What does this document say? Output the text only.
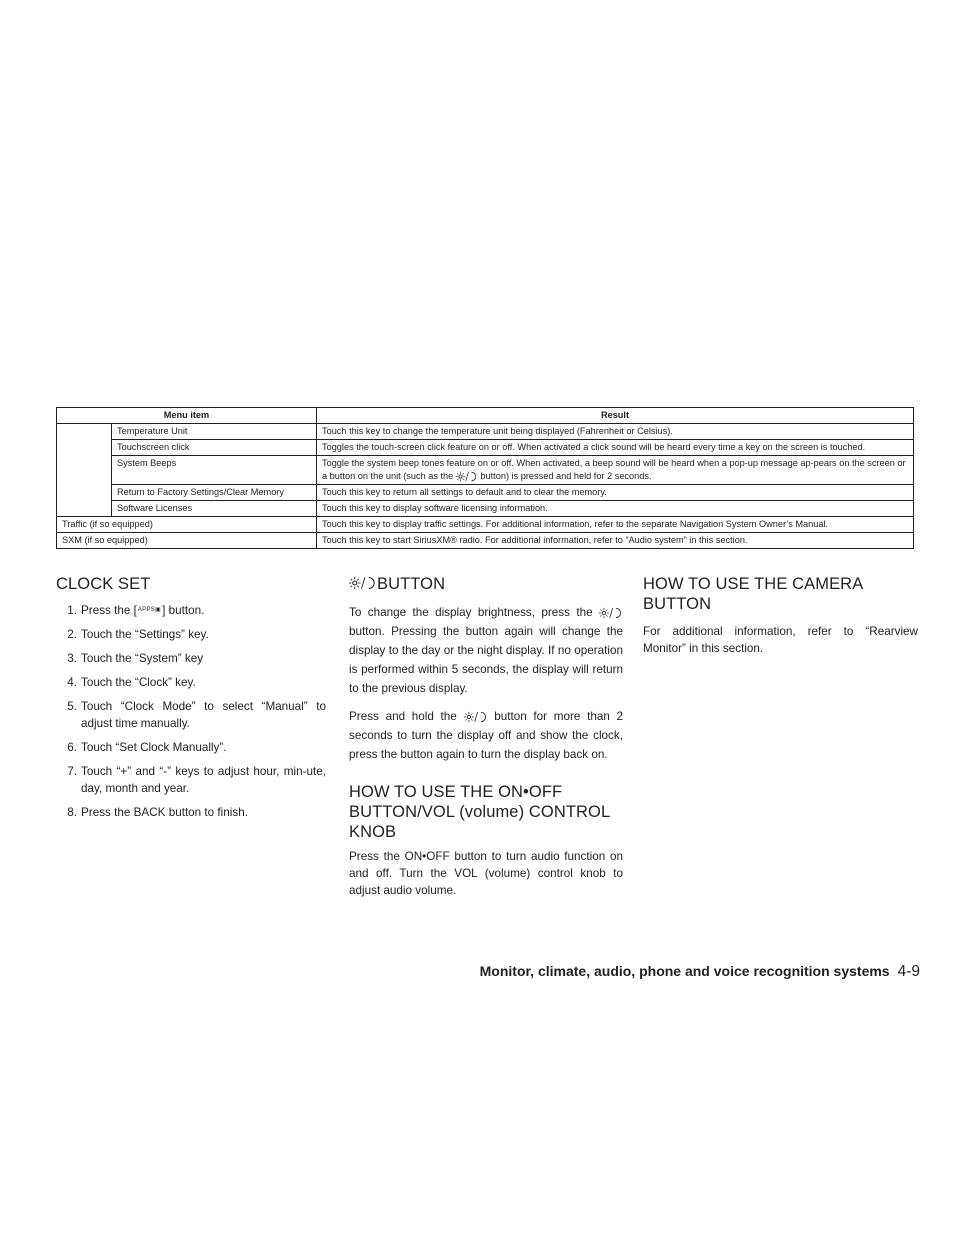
Menu item		Result
	Temperature Unit	Touch this key to change the temperature unit being displayed (Fahrenheit or Celsius).
	Touchscreen click	Toggles the touch-screen click feature on or off. When activated a click sound will be heard every time a key on the screen is touched.
	System Beeps	Toggle the system beep tones feature on or off. When activated, a beep sound will be heard when a pop-up message ap-pears on the screen or a button on the unit (such as the button) is pressed and held for 2 seconds.
	Return to Factory Settings/Clear Memory	Touch this key to return all settings to default and to clear the memory.
	Software Licenses	Touch this key to display software licensing information.
Traffic (if so equipped)		Touch this key to display traffic settings. For additional information, refer to the separate Navigation System Owner’s Manual.
SXM (if so equipped)		Touch this key to start SiriusXM® radio. For additional information, refer to “Audio system” in this section.
CLOCK SET
1. Press the [APPS▣] button.
2. Touch the “Settings” key.
3. Touch the “System” key
4. Touch the “Clock” key.
5. Touch “Clock Mode” to select “Manual” to adjust time manually.
6. Touch “Set Clock Manually”.
7. Touch “+” and “-” keys to adjust hour, min-ute, day, month and year.
8. Press the BACK button to finish.
BUTTON

To change the display brightness, press the  button. Pressing the button again will change the display to the day or the night display. If no operation is performed within 5 seconds, the display will return to the previous display.

Press and hold the	button for more than 2 seconds to turn the display off and show the clock, press the button again to turn the display back on.

HOW TO USE THE ON•OFF BUTTON/VOL (volume) CONTROL KNOB

Press the ON•OFF button to turn audio function on and off. Turn the VOL (volume) control knob to adjust audio volume.

HOW TO USE THE CAMERA BUTTON

For additional information, refer to “Rearview Monitor” in this section.

Monitor, climate, audio, phone and voice recognition systems 4-9
